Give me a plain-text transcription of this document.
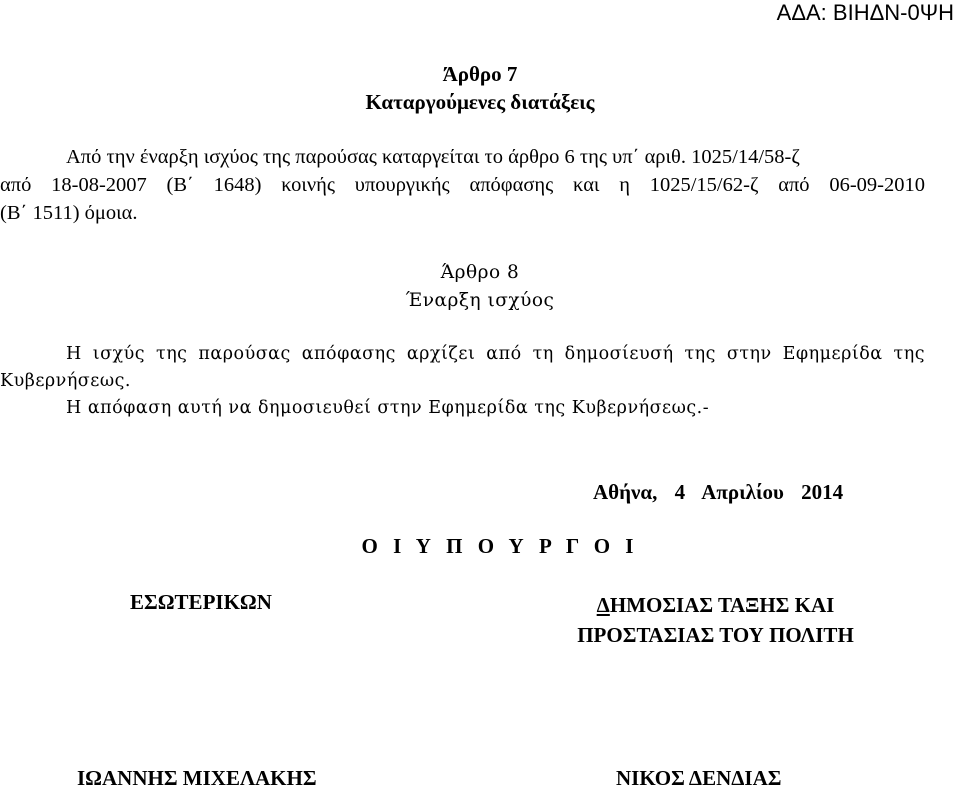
ΑΔΑ: ΒΙΗΔΝ-0ΨΗ
Άρθρο 7
Καταργούμενες διατάξεις
Από την έναρξη ισχύος της παρούσας καταργείται το άρθρο 6 της υπ΄ αριθ. 1025/14/58-ζ
από 18-08-2007 (Β΄ 1648) κοινής υπουργικής απόφασης και η 1025/15/62-ζ από 06-09-2010
(Β΄ 1511) όμοια.
Άρθρο 8
Έναρξη ισχύος
Η ισχύς της παρούσας απόφασης αρχίζει από τη δημοσίευσή της στην Εφημερίδα της
Κυβερνήσεως.
Η απόφαση αυτή να δημοσιευθεί στην Εφημερίδα της Κυβερνήσεως.-
Αθήνα, 4 Απριλίου 2014
Ο Ι Υ Π Ο Υ Ρ Γ Ο Ι
ΕΣΩΤΕΡΙΚΩΝ	ΔΗΜΟΣΙΑΣ ΤΑΞΗΣ ΚΑΙ
ΠΡΟΣΤΑΣΙΑΣ ΤΟΥ ΠΟΛΙΤΗ
ΙΩΑΝΝΗΣ ΜΙΧΕΛΑΚΗΣ	ΝΙΚΟΣ ΔΕΝΔΙΑΣ
